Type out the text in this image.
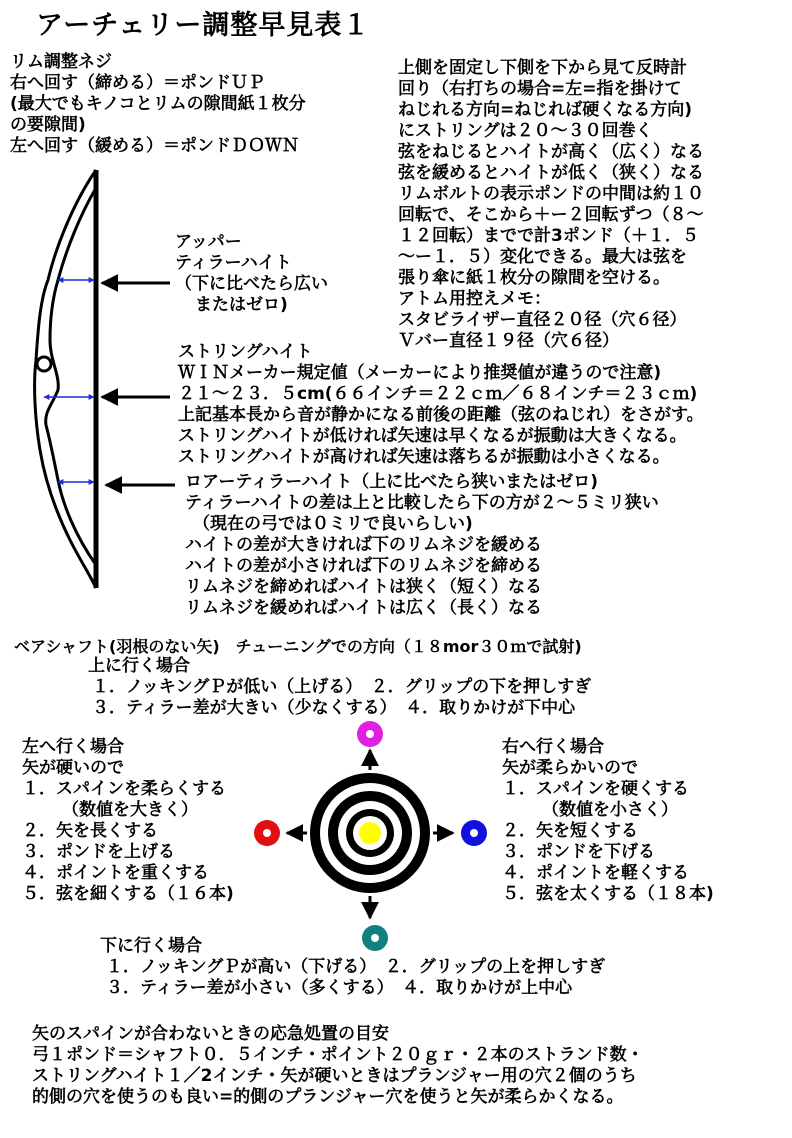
アーチェリー調整早見表１
リム調整ネジ
右へ回す（締める）＝ポンドＵＰ
(最大でもキノコとリムの隙間紙１枚分
の要隙間)
左へ回す（緩める）＝ポンドＤＯＷＮ
上側を固定し下側を下から見て反時計
回り（右打ちの場合=左=指を掛けて
ねじれる方向=ねじれば硬くなる方向)
にストリングは２０～３０回巻く
弦をねじるとハイトが高く（広く）なる
弦を緩めるとハイトが低く（狭く）なる
リムボルトの表示ポンドの中間は約１０
回転で、そこから＋ー２回転ずつ（８～
１２回転）までで計3ポンド（＋１．５
～ー１．５）変化できる。最大は弦を
張り傘に紙１枚分の隙間を空ける。
アトム用控えメモ：
スタビライザー直径２０径（穴６径）
Ｖバー直径１９径（穴６径）
アッパー
ティラーハイト
（下に比べたら広い
またはゼロ)
ストリングハイト
ＷＩＮメーカー規定値（メーカーにより推奨値が違うので注意)
２１～２３．５cm(６６インチ＝２２ｃｍ／６８インチ＝２３ｃｍ)
上記基本長から音が静かになる前後の距離（弦のねじれ）をさがす。
ストリングハイトが低ければ矢速は早くなるが振動は大きくなる。
ストリングハイトが高ければ矢速は落ちるが振動は小さくなる。
ロアーティラーハイト（上に比べたら狭いまたはゼロ)
ティラーハイトの差は上と比較したら下の方が２～５ミリ狭い
（現在の弓では０ミリで良いらしい)
ハイトの差が大きければ下のリムネジを緩める
ハイトの差が小さければ下のリムネジを締める
リムネジを締めればハイトは狭く（短く）なる
リムネジを緩めればハイトは広く（長く）なる
ベアシャフト(羽根のない矢)　チューニングでの方向（１８mor３０ｍで試射)
上に行く場合
１．ノッキングＰが低い（上げる）　２．グリップの下を押しすぎ
３．ティラー差が大きい（少なくする）　４．取りかけが下中心
左へ行く場合
矢が硬いので
１．スパインを柔らくする
（数値を大きく）
２．矢を長くする
３．ポンドを上げる
４．ポイントを重くする
５．弦を細くする（１６本)
右へ行く場合
矢が柔らかいので
１．スパインを硬くする
（数値を小さく）
２．矢を短くする
３．ポンドを下げる
４．ポイントを軽くする
５．弦を太くする（１８本)
下に行く場合
１．ノッキングＰが高い（下げる）　２．グリップの上を押しすぎ
３．ティラー差が小さい（多くする）　４．取りかけが上中心
矢のスパインが合わないときの応急処置の目安
弓１ポンド＝シャフト０．５インチ・ポイント２０ｇｒ・２本のストランド数・
ストリングハイト１／2インチ・矢が硬いときはプランジャー用の穴２個のうち
的側の穴を使うのも良い=的側のプランジャー穴を使うと矢が柔らかくなる。
